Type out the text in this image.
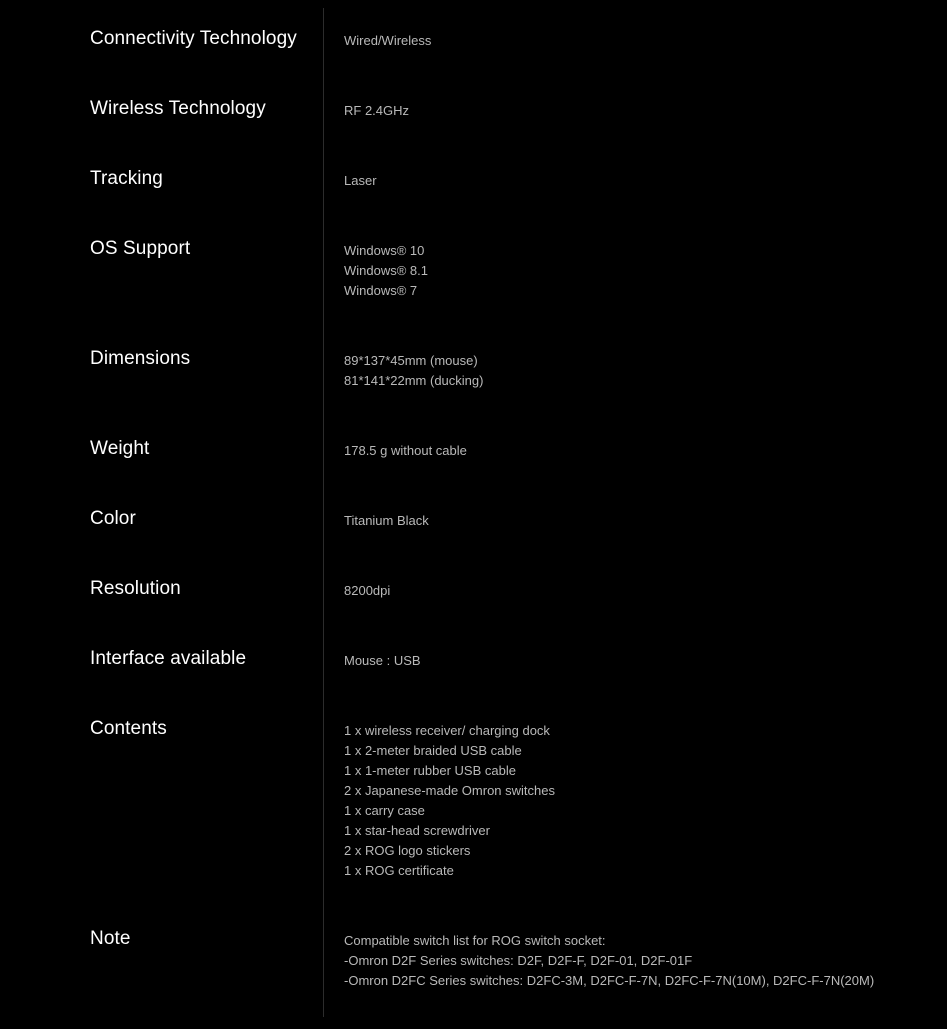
Connectivity Technology	Wired/Wireless
Wireless Technology	RF 2.4GHz
Tracking	Laser
OS Support	Windows® 10
Windows® 8.1
Windows® 7
Dimensions	89*137*45mm (mouse)
81*141*22mm (ducking)
Weight	178.5 g without cable
Color	Titanium Black
Resolution	8200dpi
Interface available	Mouse : USB
Contents	1 x wireless receiver/ charging dock
1 x 2-meter braided USB cable
1 x 1-meter rubber USB cable
2 x Japanese-made Omron switches
1 x carry case
1 x star-head screwdriver
2 x ROG logo stickers
1 x ROG certificate
Note	Compatible switch list for ROG switch socket:
-Omron D2F Series switches: D2F, D2F-F, D2F-01, D2F-01F
-Omron D2FC Series switches: D2FC-3M, D2FC-F-7N, D2FC-F-7N(10M), D2FC-F-7N(20M)
